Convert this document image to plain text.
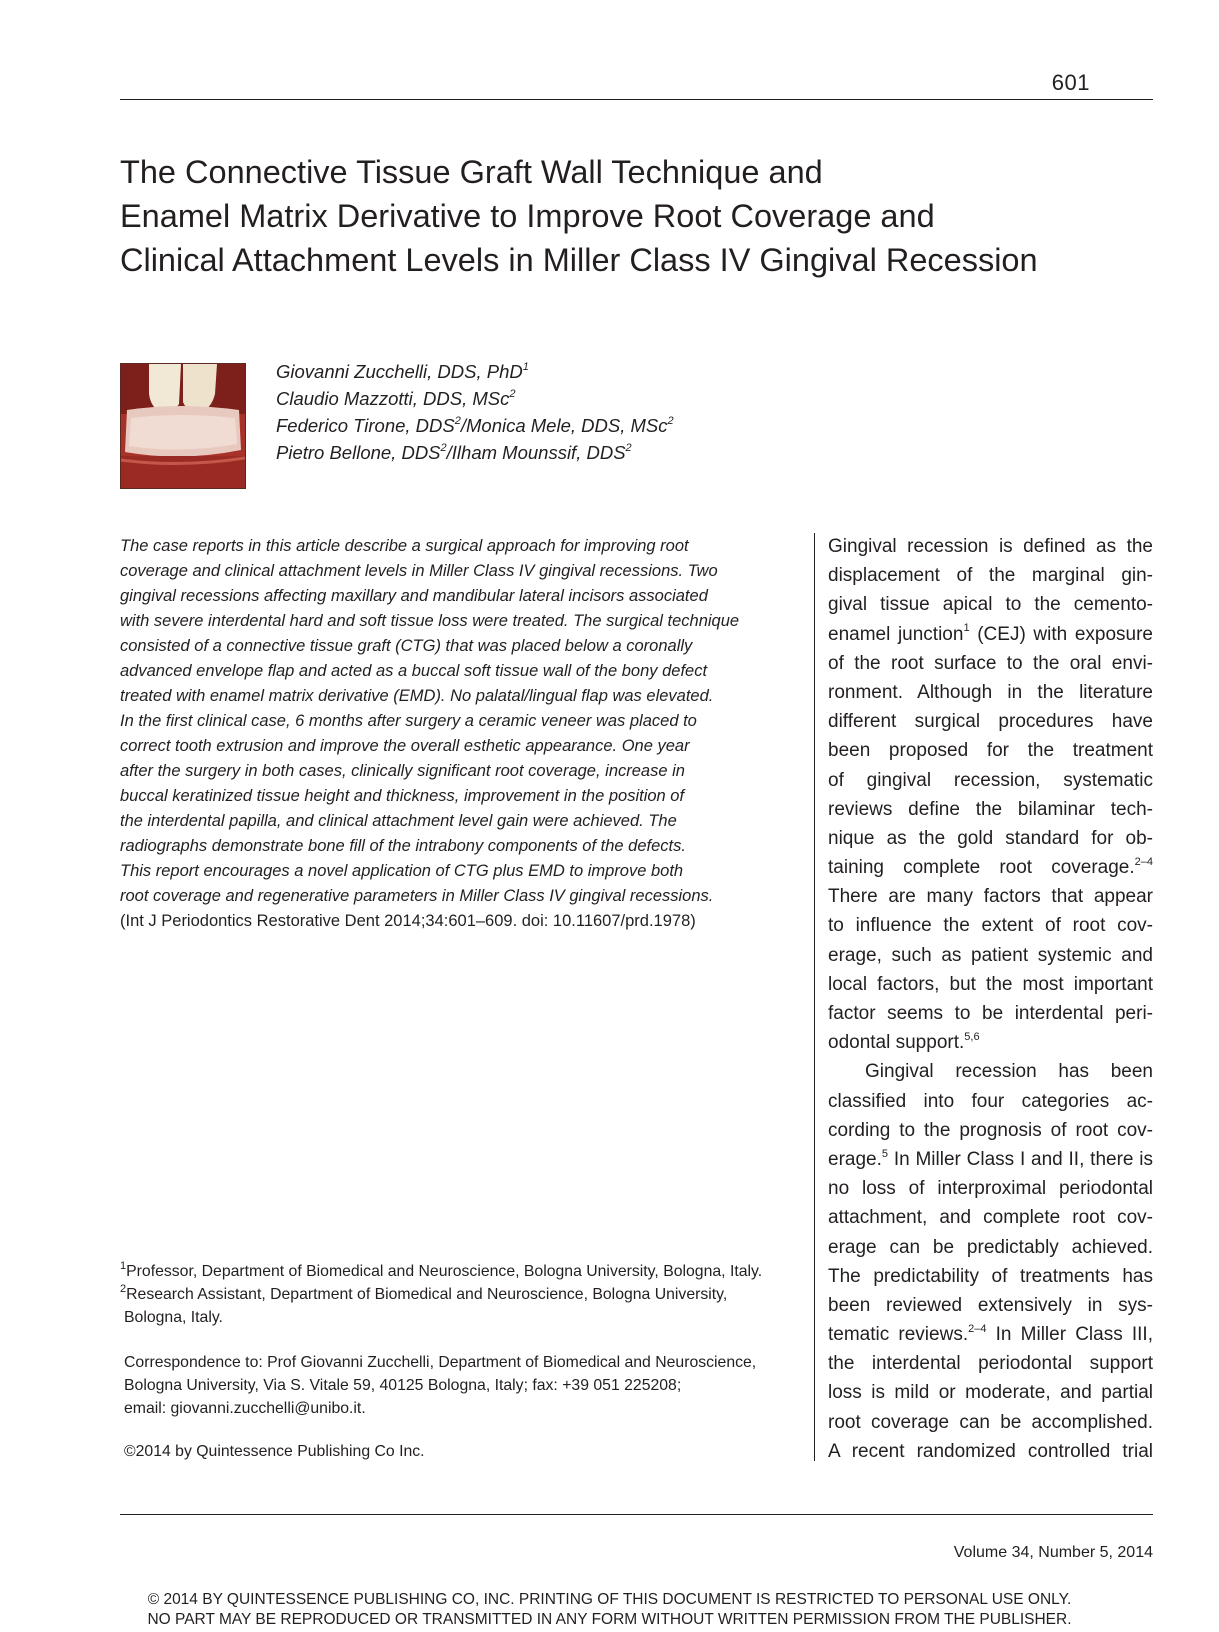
601
The Connective Tissue Graft Wall Technique and
Enamel Matrix Derivative to Improve Root Coverage and
Clinical Attachment Levels in Miller Class IV Gingival Recession
Giovanni Zucchelli, DDS, PhD$^1$
Claudio Mazzotti, DDS, MSc$^2$
Federico Tirone, DDS$^2$/Monica Mele, DDS, MSc$^2$
Pietro Bellone, DDS$^2$/Ilham Mounssif, DDS$^2$
The case reports in this article describe a surgical approach for improving root
coverage and clinical attachment levels in Miller Class IV gingival recessions. Two
gingival recessions affecting maxillary and mandibular lateral incisors associated
with severe interdental hard and soft tissue loss were treated. The surgical technique
consisted of a connective tissue graft (CTG) that was placed below a coronally
advanced envelope flap and acted as a buccal soft tissue wall of the bony defect
treated with enamel matrix derivative (EMD). No palatal/lingual flap was elevated.
In the first clinical case, 6 months after surgery a ceramic veneer was placed to
correct tooth extrusion and improve the overall esthetic appearance. One year
after the surgery in both cases, clinically significant root coverage, increase in
buccal keratinized tissue height and thickness, improvement in the position of
the interdental papilla, and clinical attachment level gain were achieved. The
radiographs demonstrate bone fill of the intrabony components of the defects.
This report encourages a novel application of CTG plus EMD to improve both
root coverage and regenerative parameters in Miller Class IV gingival recessions.
(Int J Periodontics Restorative Dent 2014;34:601–609. doi: 10.11607/prd.1978)
Gingival recession is defined as the
displacement of the marginal gin-
gival tissue apical to the cemento-
enamel junction$^1$ (CEJ) with exposure
of the root surface to the oral envi-
ronment. Although in the literature
different surgical procedures have
been proposed for the treatment
of gingival recession, systematic
reviews define the bilaminar tech-
nique as the gold standard for ob-
taining complete root coverage.$^{2-4}$
There are many factors that appear
to influence the extent of root cov-
erage, such as patient systemic and
local factors, but the most important
factor seems to be interdental peri-
odontal support.$^{5,6}$
Gingival recession has been
classified into four categories ac-
cording to the prognosis of root cov-
erage.$^5$ In Miller Class I and II, there is
no loss of interproximal periodontal
attachment, and complete root cov-
erage can be predictably achieved.
The predictability of treatments has
been reviewed extensively in sys-
tematic reviews.$^{2-4}$ In Miller Class III,
the interdental periodontal support
loss is mild or moderate, and partial
root coverage can be accomplished.
A recent randomized controlled trial
$^1$Professor, Department of Biomedical and Neuroscience, Bologna University, Bologna, Italy.
$^2$Research Assistant, Department of Biomedical and Neuroscience, Bologna University,
Bologna, Italy.
Correspondence to: Prof Giovanni Zucchelli, Department of Biomedical and Neuroscience,
Bologna University, Via S. Vitale 59, 40125 Bologna, Italy; fax: +39 051 225208;
email: giovanni.zucchelli@unibo.it.
©2014 by Quintessence Publishing Co Inc.
Volume 34, Number 5, 2014
© 2014 BY QUINTESSENCE PUBLISHING CO, INC. PRINTING OF THIS DOCUMENT IS RESTRICTED TO PERSONAL USE ONLY.
NO PART MAY BE REPRODUCED OR TRANSMITTED IN ANY FORM WITHOUT WRITTEN PERMISSION FROM THE PUBLISHER.
